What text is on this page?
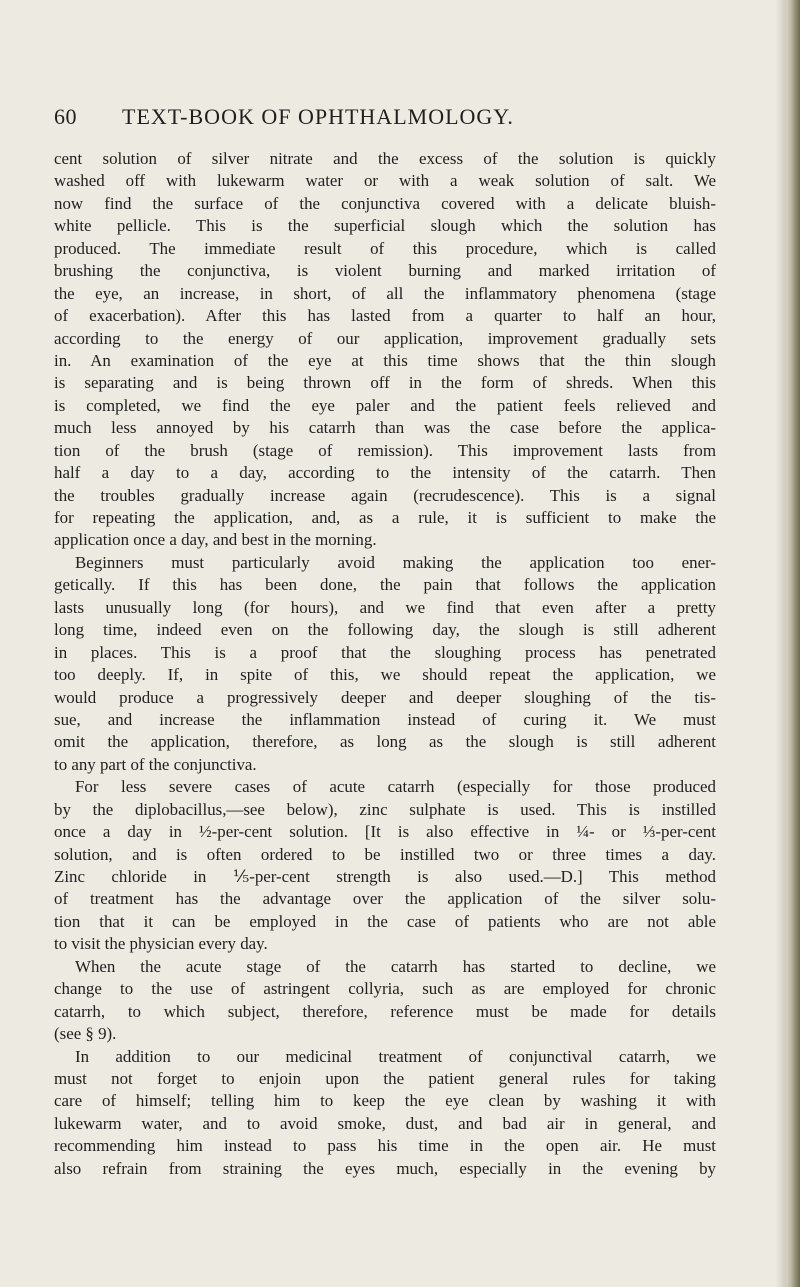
60 TEXT-BOOK OF OPHTHALMOLOGY.
cent solution of silver nitrate and the excess of the solution is quickly
washed off with lukewarm water or with a weak solution of salt. We
now find the surface of the conjunctiva covered with a delicate bluish-
white pellicle. This is the superficial slough which the solution has
produced. The immediate result of this procedure, which is called
brushing the conjunctiva, is violent burning and marked irritation of
the eye, an increase, in short, of all the inflammatory phenomena (stage
of exacerbation). After this has lasted from a quarter to half an hour,
according to the energy of our application, improvement gradually sets
in. An examination of the eye at this time shows that the thin slough
is separating and is being thrown off in the form of shreds. When this
is completed, we find the eye paler and the patient feels relieved and
much less annoyed by his catarrh than was the case before the applica-
tion of the brush (stage of remission). This improvement lasts from
half a day to a day, according to the intensity of the catarrh. Then
the troubles gradually increase again (recrudescence). This is a signal
for repeating the application, and, as a rule, it is sufficient to make the
application once a day, and best in the morning.
Beginners must particularly avoid making the application too ener-
getically. If this has been done, the pain that follows the application
lasts unusually long (for hours), and we find that even after a pretty
long time, indeed even on the following day, the slough is still adherent
in places. This is a proof that the sloughing process has penetrated
too deeply. If, in spite of this, we should repeat the application, we
would produce a progressively deeper and deeper sloughing of the tis-
sue, and increase the inflammation instead of curing it. We must
omit the application, therefore, as long as the slough is still adherent
to any part of the conjunctiva.
For less severe cases of acute catarrh (especially for those produced
by the diplobacillus,—see below), zinc sulphate is used. This is instilled
once a day in ½-per-cent solution. [It is also effective in ¼- or ⅓-per-cent
solution, and is often ordered to be instilled two or three times a day.
Zinc chloride in ⅕-per-cent strength is also used.—D.] This method
of treatment has the advantage over the application of the silver solu-
tion that it can be employed in the case of patients who are not able
to visit the physician every day.
When the acute stage of the catarrh has started to decline, we
change to the use of astringent collyria, such as are employed for chronic
catarrh, to which subject, therefore, reference must be made for details
(see § 9).
In addition to our medicinal treatment of conjunctival catarrh, we
must not forget to enjoin upon the patient general rules for taking
care of himself; telling him to keep the eye clean by washing it with
lukewarm water, and to avoid smoke, dust, and bad air in general, and
recommending him instead to pass his time in the open air. He must
also refrain from straining the eyes much, especially in the evening by
